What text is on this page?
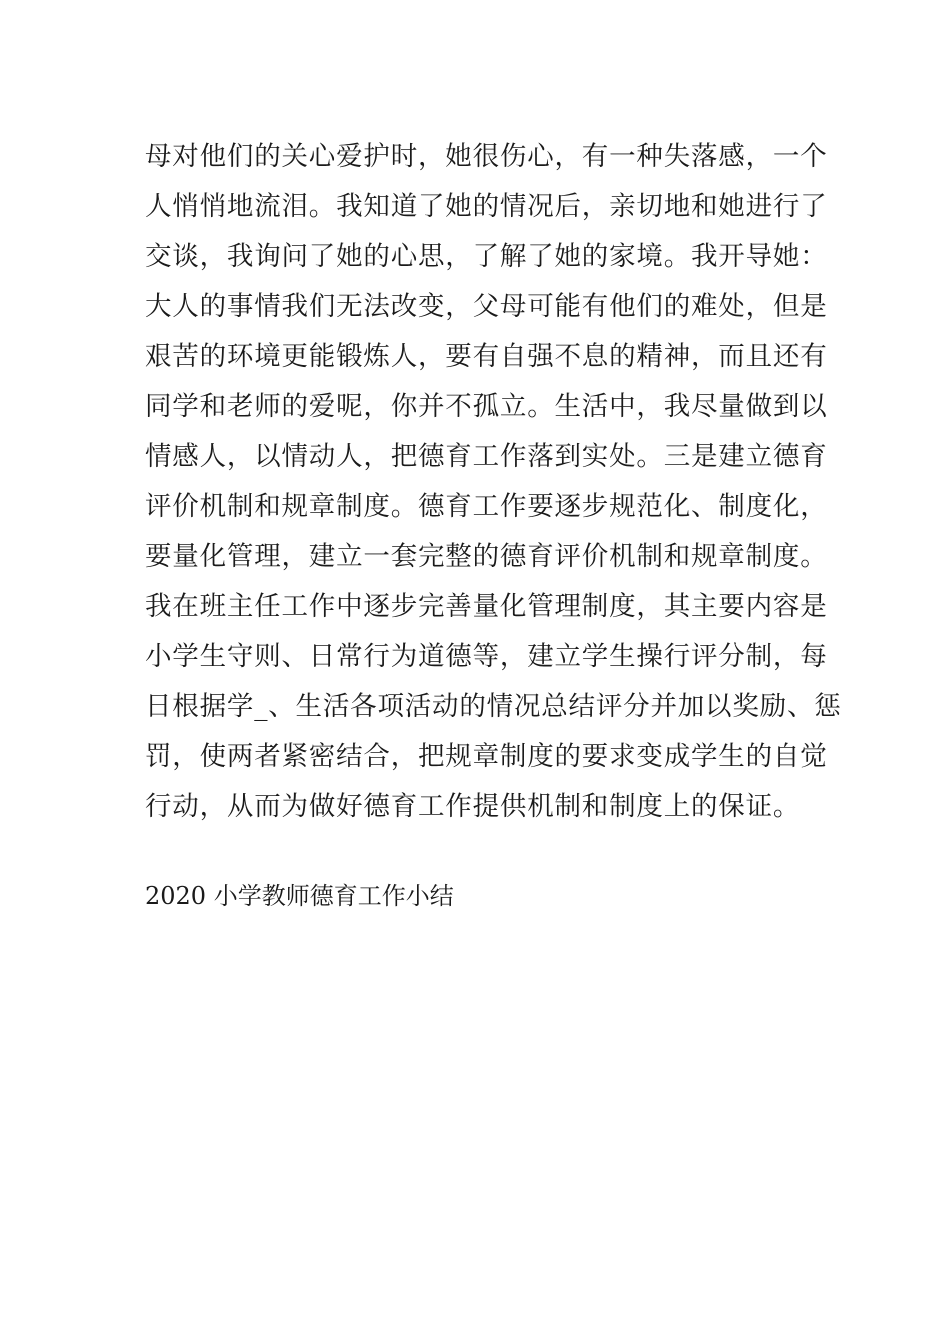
母对他们的关心爱护时，她很伤心，有一种失落感，一个
人悄悄地流泪。我知道了她的情况后，亲切地和她进行了
交谈，我询问了她的心思，了解了她的家境。我开导她：
大人的事情我们无法改变，父母可能有他们的难处，但是
艰苦的环境更能锻炼人，要有自强不息的精神，而且还有
同学和老师的爱呢，你并不孤立。生活中，我尽量做到以
情感人，以情动人，把德育工作落到实处。三是建立德育
评价机制和规章制度。德育工作要逐步规范化、制度化，
要量化管理，建立一套完整的德育评价机制和规章制度。
我在班主任工作中逐步完善量化管理制度，其主要内容是
小学生守则、日常行为道德等，建立学生操行评分制，每
日根据学_、生活各项活动的情况总结评分并加以奖励、惩
罚，使两者紧密结合，把规章制度的要求变成学生的自觉
行动，从而为做好德育工作提供机制和制度上的保证。
2020 小学教师德育工作小结
